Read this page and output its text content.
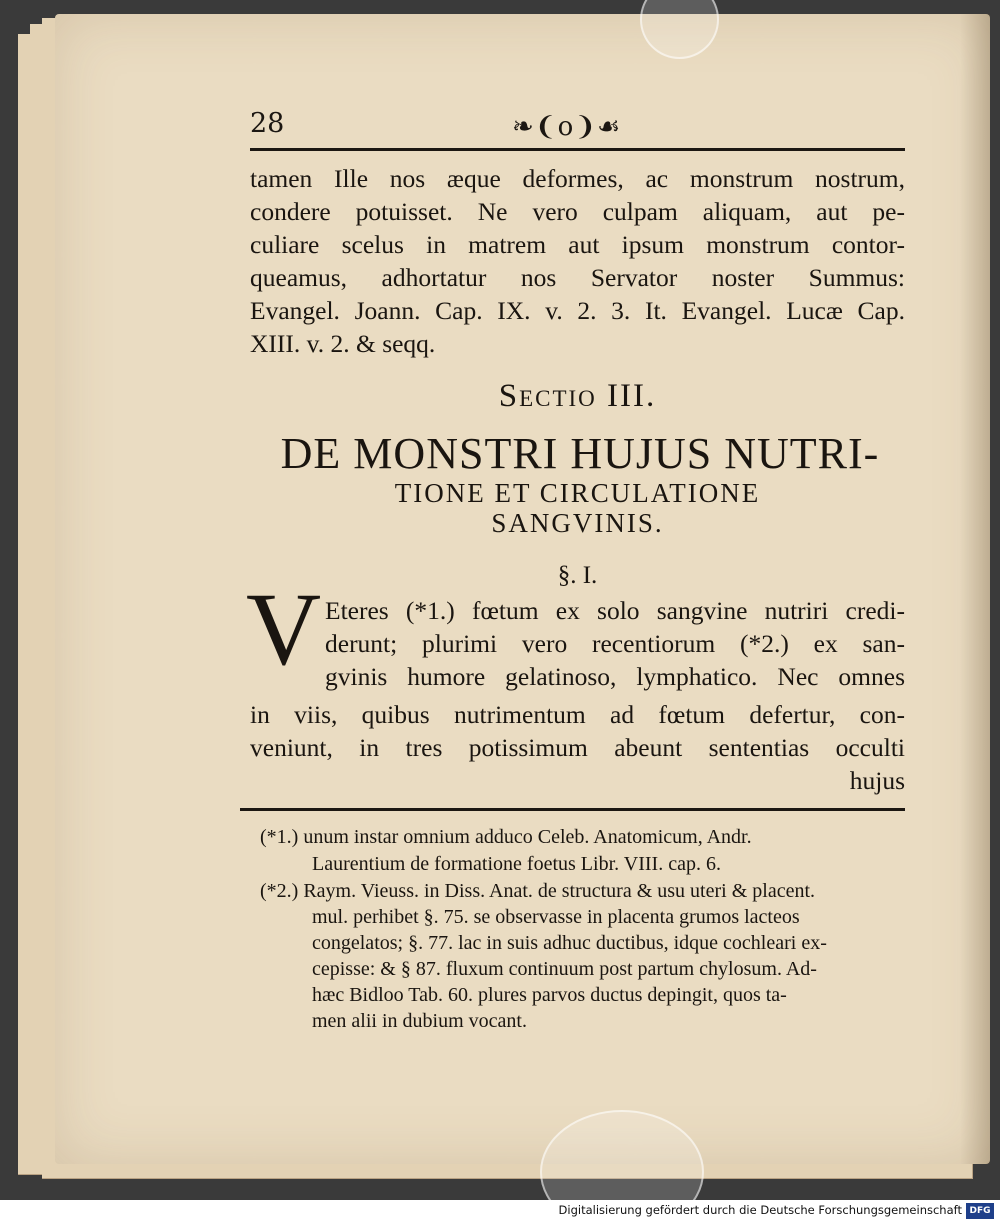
28	❧❨o❩☙
tamen Ille nos æque deformes, ac monstrum nostrum,
condere potuisset. Ne vero culpam aliquam, aut pe-
culiare scelus in matrem aut ipsum monstrum contor-
queamus, adhortatur nos Servator noster Summus:
Evangel. Joann. Cap. IX. v. 2. 3. It. Evangel. Lucæ Cap.
XIII. v. 2. & seqq.
Sectio III.
DE MONSTRI HUJUS NUTRI-
TIONE ET CIRCULATIONE
SANGVINIS.
§. I.
V Eteres (*1.) fœtum ex solo sangvine nutriri credi-
derunt; plurimi vero recentiorum (*2.) ex san-
gvinis humore gelatinoso, lymphatico. Nec omnes
in viis, quibus nutrimentum ad fœtum defertur, con-
veniunt, in tres potissimum abeunt sententias occulti
hujus
(*1.) unum instar omnium adduco Celeb. Anatomicum, Andr.
Laurentium de formatione foetus Libr. VIII. cap. 6.
(*2.) Raym. Vieuss. in Diss. Anat. de structura & usu uteri & placent.
mul. perhibet §. 75. se observasse in placenta grumos lacteos
congelatos; §. 77. lac in suis adhuc ductibus, idque cochleari ex-
cepisse: & § 87. fluxum continuum post partum chylosum. Ad-
hæc Bidloo Tab. 60. plures parvos ductus depingit, quos ta-
men alii in dubium vocant.
Digitalisierung gefördert durch die Deutsche Forschungsgemeinschaft DFG
